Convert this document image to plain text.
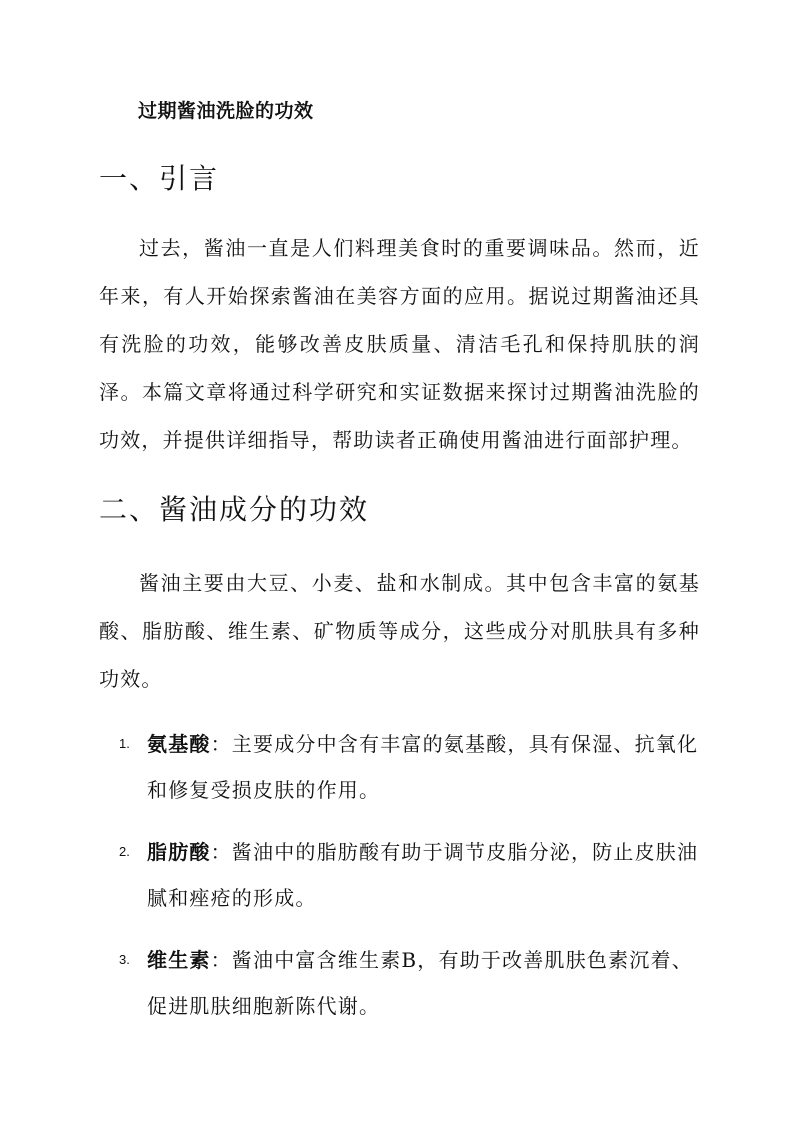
过期酱油洗脸的功效
一、引言

过去，酱油一直是人们料理美食时的重要调味品。然而，近年来，有人开始探索酱油在美容方面的应用。据说过期酱油还具有洗脸的功效，能够改善皮肤质量、清洁毛孔和保持肌肤的润泽。本篇文章将通过科学研究和实证数据来探讨过期酱油洗脸的功效，并提供详细指导，帮助读者正确使用酱油进行面部护理。

二、酱油成分的功效

酱油主要由大豆、小麦、盐和水制成。其中包含丰富的氨基酸、脂肪酸、维生素、矿物质等成分，这些成分对肌肤具有多种功效。

1. 氨基酸：主要成分中含有丰富的氨基酸，具有保湿、抗氧化和修复受损皮肤的作用。
2. 脂肪酸：酱油中的脂肪酸有助于调节皮脂分泌，防止皮肤油腻和痤疮的形成。
3. 维生素：酱油中富含维生素B，有助于改善肌肤色素沉着、促进肌肤细胞新陈代谢。
